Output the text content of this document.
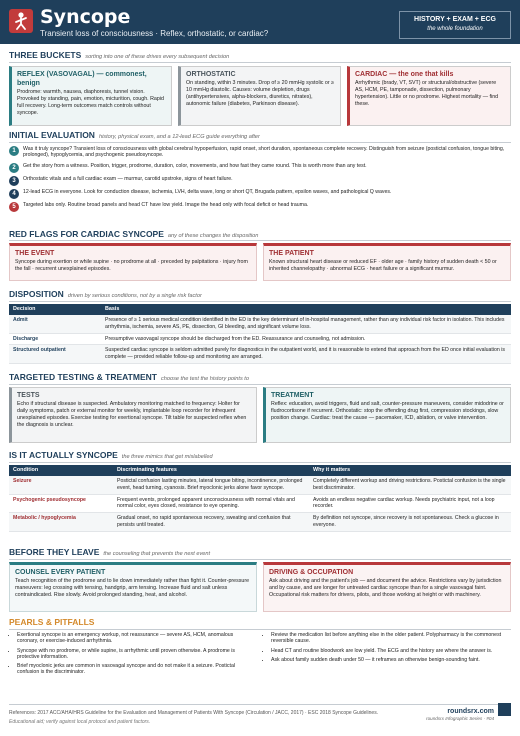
Syncope
Transient loss of consciousness · Reflex, orthostatic, or cardiac?
HISTORY + EXAM + ECG
the whole foundation
THREE BUCKETS sorting into one of these drives every subsequent decision
REFLEX (VASOVAGAL) — commonest, benign
Prodrome: warmth, nausea, diaphoresis, tunnel vision. Provoked by standing, pain, emotion, micturition, cough. Rapid full recovery. Long-term outcomes match controls without syncope.
ORTHOSTATIC
On standing, within 3 minutes. Drop of ≥ 20 mmHg systolic or ≥ 10 mmHg diastolic. Causes: volume depletion, drugs (antihypertensives, alpha-blockers, diuretics, nitrates), autonomic failure (diabetes, Parkinson disease).
CARDIAC — the one that kills
Arrhythmic (brady, VT, SVT) or structural/obstructive (severe AS, HCM, PE, tamponade, dissection, pulmonary hypertension). Little or no prodrome. Highest mortality — find these.
INITIAL EVALUATION history, physical exam, and a 12-lead ECG guide everything after
1	Was it truly syncope? Transient loss of consciousness with global cerebral hypoperfusion, rapid onset, short duration, spontaneous complete recovery. Distinguish from seizure (postictal confusion, tongue biting, prolonged), hypoglycemia, and psychogenic pseudosyncope.
2	Get the story from a witness. Position, trigger, prodrome, duration, color, movements, and how fast they came round. This is worth more than any test.
3	Orthostatic vitals and a full cardiac exam — murmur, carotid upstroke, signs of heart failure.
4	12-lead ECG in everyone. Look for conduction disease, ischemia, LVH, delta wave, long or short QT, Brugada pattern, epsilon waves, and pathological Q waves.
5	Targeted labs only. Routine broad panels and head CT have low yield. Image the head only with focal deficit or head trauma.
RED FLAGS FOR CARDIAC SYNCOPE any of these changes the disposition
THE EVENT
Syncope during exertion or while supine · no prodrome at all · preceded by palpitations · injury from the fall · recurrent unexplained episodes.
THE PATIENT
Known structural heart disease or reduced EF · older age · family history of sudden death < 50 or inherited channelopathy · abnormal ECG · heart failure or a significant murmur.
DISPOSITION driven by serious conditions, not by a single risk factor
Decision	Basis
Admit	Presence of ≥ 1 serious medical condition identified in the ED is the key determinant of in-hospital management, rather than any individual risk factor in isolation. This includes arrhythmia, ischemia, severe AS, PE, dissection, GI bleeding, and significant volume loss.
Discharge	Presumptive vasovagal syncope should be discharged from the ED. Reassurance and counseling, not admission.
Structured outpatient	Suspected cardiac syncope is seldom admitted purely for diagnostics in the outpatient world, and it is reasonable to extend that approach from the ED once initial evaluation is complete — provided reliable follow-up and monitoring are arranged.
TARGETED TESTING & TREATMENT choose the test the history points to
TESTS
Echo if structural disease is suspected. Ambulatory monitoring matched to frequency: Holter for daily symptoms, patch or external monitor for weekly, implantable loop recorder for infrequent unexplained episodes. Exercise testing for exertional syncope. Tilt table for suspected reflex when the diagnosis is unclear.
TREATMENT
Reflex: education, avoid triggers, fluid and salt, counter-pressure maneuvers, consider midodrine or fludrocortisone if recurrent. Orthostatic: stop the offending drug first, compression stockings, slow position change. Cardiac: treat the cause — pacemaker, ICD, ablation, or valve intervention.
IS IT ACTUALLY SYNCOPE the three mimics that get mislabelled
Condition	Discriminating features	Why it matters
Seizure	Postictal confusion lasting minutes, lateral tongue biting, incontinence, prolonged event, head turning, cyanosis. Brief myoclonic jerks alone favor syncope.	Completely different workup and driving restrictions. Postictal confusion is the single best discriminator.
Psychogenic pseudosyncope	Frequent events, prolonged apparent unconsciousness with normal vitals and normal color, eyes closed, resistance to eye opening.	Avoids an endless negative cardiac workup. Needs psychiatric input, not a loop recorder.
Metabolic / hypoglycemia	Gradual onset, no rapid spontaneous recovery, sweating and confusion that persists until treated.	By definition not syncope, since recovery is not spontaneous. Check a glucose in everyone.
BEFORE THEY LEAVE the counseling that prevents the next event
COUNSEL EVERY PATIENT
Teach recognition of the prodrome and to lie down immediately rather than fight it. Counter-pressure maneuvers: leg crossing with tensing, handgrip, arm tensing. Increase fluid and salt unless contraindicated. Rise slowly. Avoid prolonged standing, heat, and alcohol.
DRIVING & OCCUPATION
Ask about driving and the patient's job — and document the advice. Restrictions vary by jurisdiction and by cause, and are longer for untreated cardiac syncope than for a single vasovagal faint. Occupational risk matters for drivers, pilots, and those working at height or with machinery.
PEARLS & PITFALLS
• Exertional syncope is an emergency workup, not reassurance — severe AS, HCM, anomalous coronary, or exercise-induced arrhythmia.
• Syncope with no prodrome, or while supine, is arrhythmic until proven otherwise. A prodrome is protective information.
• Brief myoclonic jerks are common in vasovagal syncope and do not make it a seizure. Postictal confusion is the discriminator.
• Review the medication list before anything else in the older patient. Polypharmacy is the commonest reversible cause.
• Head CT and routine bloodwork are low yield. The ECG and the history are where the answer is.
• Ask about family sudden death under 50 — it reframes an otherwise benign-sounding faint.
References: 2017 ACC/AHA/HRS Guideline for the Evaluation and Management of Patients With Syncope (Circulation / JACC, 2017) · ESC 2018 Syncope Guidelines.
Educational aid; verify against local protocol and patient factors.
roundsrx.com
roundsrx Infographic Series · #04
